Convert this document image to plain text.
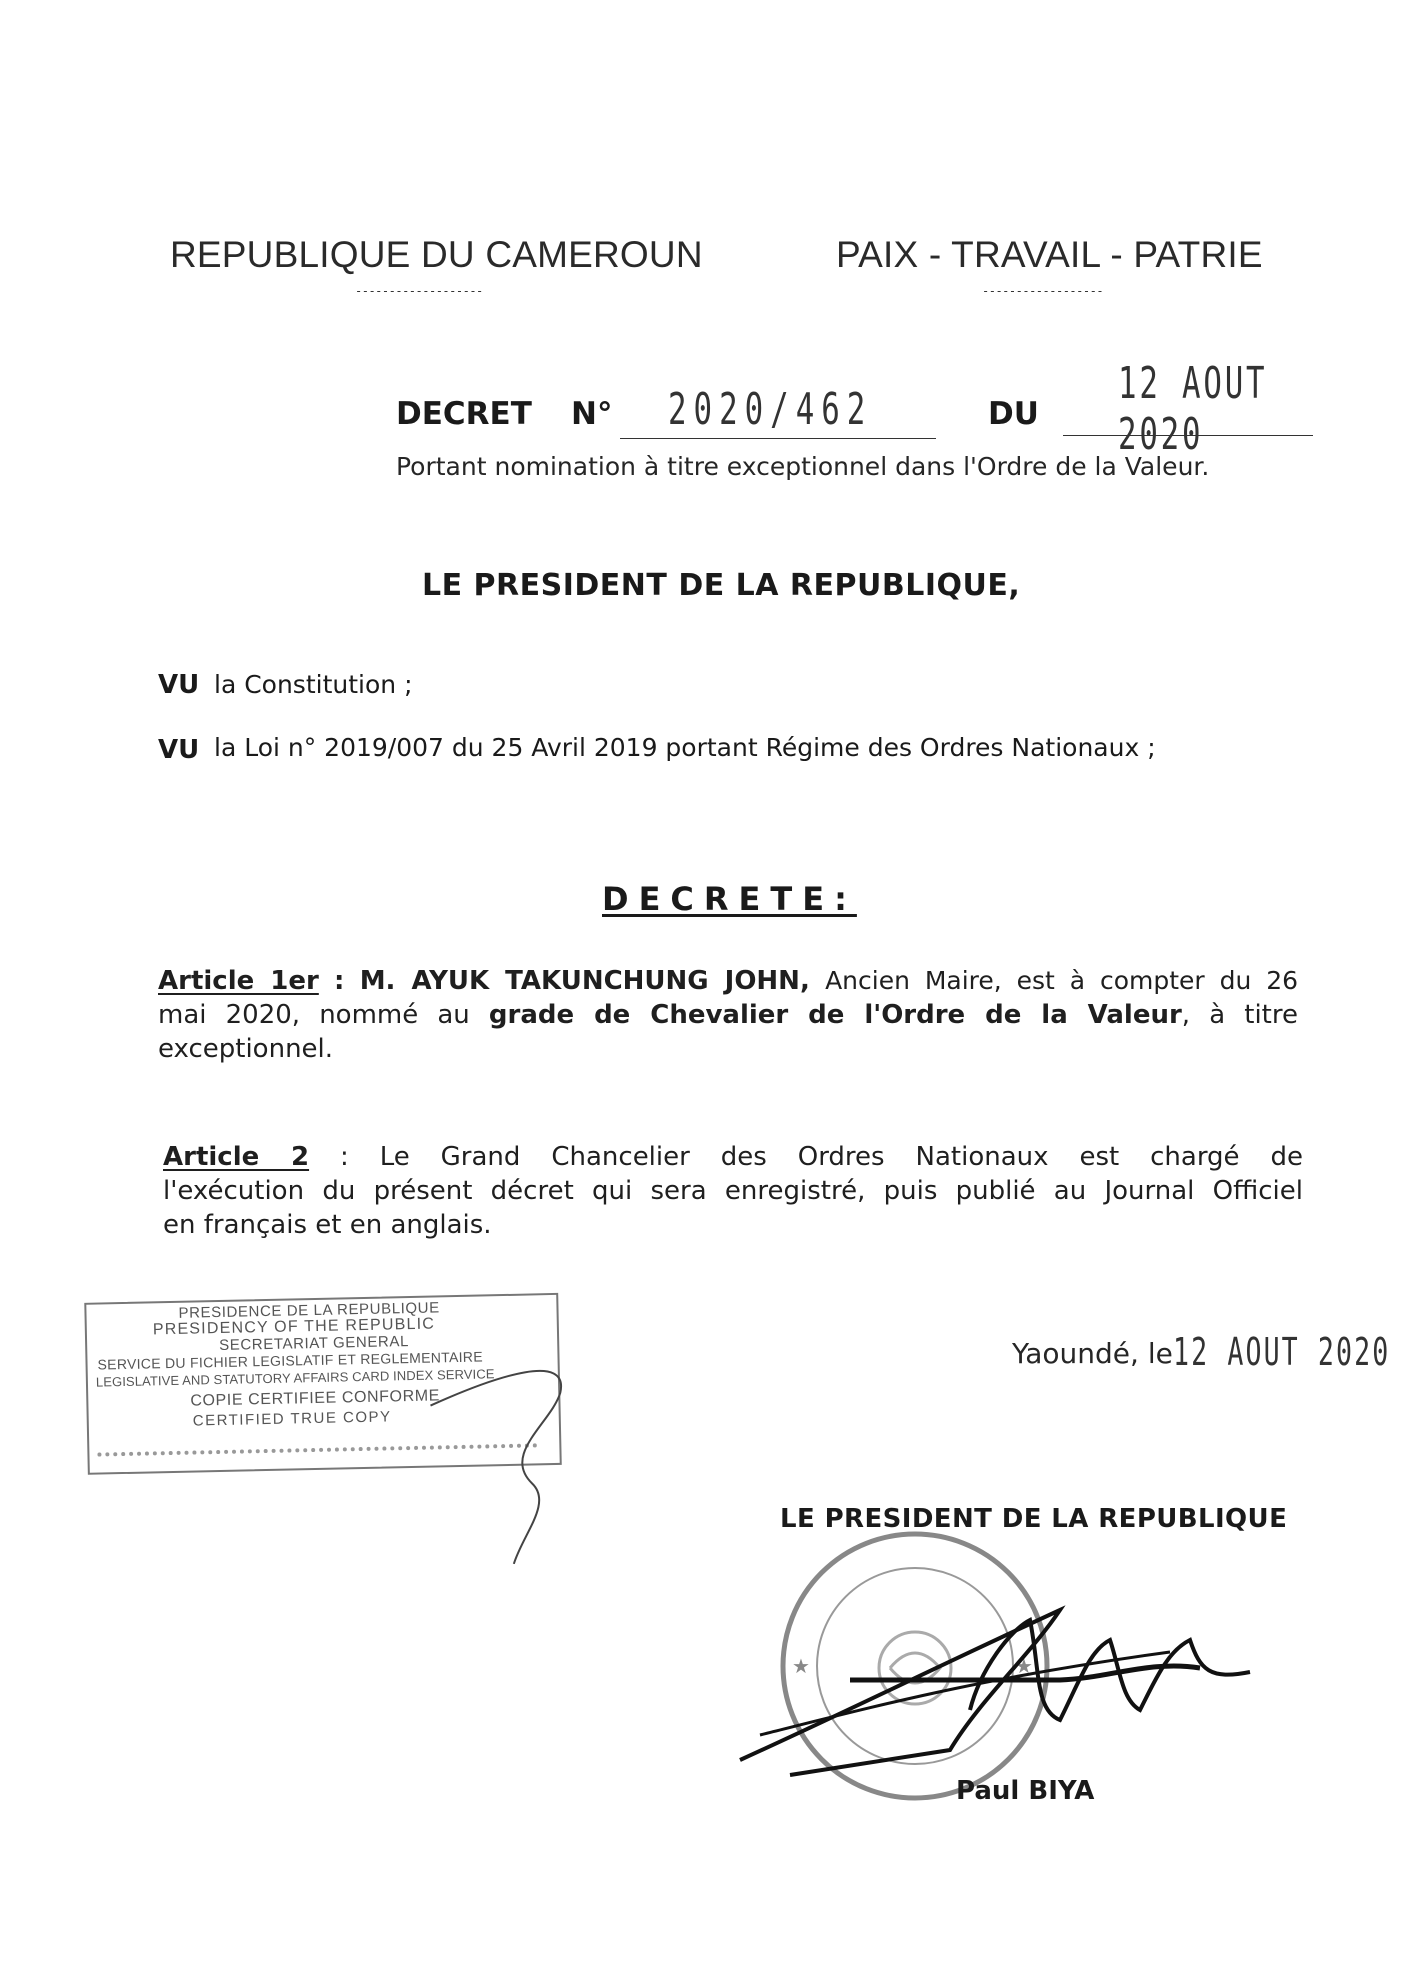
REPUBLIQUE DU CAMEROUN
-------------------
PAIX - TRAVAIL - PATRIE
------------------
DECRET N° 2020/462	DU
12 AOUT 2020
Portant nomination à titre exceptionnel dans l'Ordre de la Valeur.
LE PRESIDENT DE LA REPUBLIQUE,
VU la Constitution ;
VU la Loi n° 2019/007 du 25 Avril 2019 portant Régime des Ordres Nationaux ;
DECRETE:
Article 1er : M. AYUK TAKUNCHUNG JOHN, Ancien Maire, est à compter du 26
mai 2020, nommé au grade de Chevalier de l'Ordre de la Valeur, à titre
exceptionnel.
Article 2 : Le Grand Chancelier des Ordres Nationaux est chargé de
l'exécution du présent décret qui sera enregistré, puis publié au Journal Officiel
en français et en anglais.
PRESIDENCE DE LA REPUBLIQUE
PRESIDENCY OF THE REPUBLIC
SECRETARIAT GENERAL
SERVICE DU FICHIER LEGISLATIF ET REGLEMENTAIRE
LEGISLATIVE AND STATUTORY AFFAIRS CARD INDEX SERVICE
COPIE CERTIFIEE CONFORME
CERTIFIED TRUE COPY
Yaoundé, le12 AOUT 2020
LE PRESIDENT DE LA REPUBLIQUE
★	★
Paul BIYA
